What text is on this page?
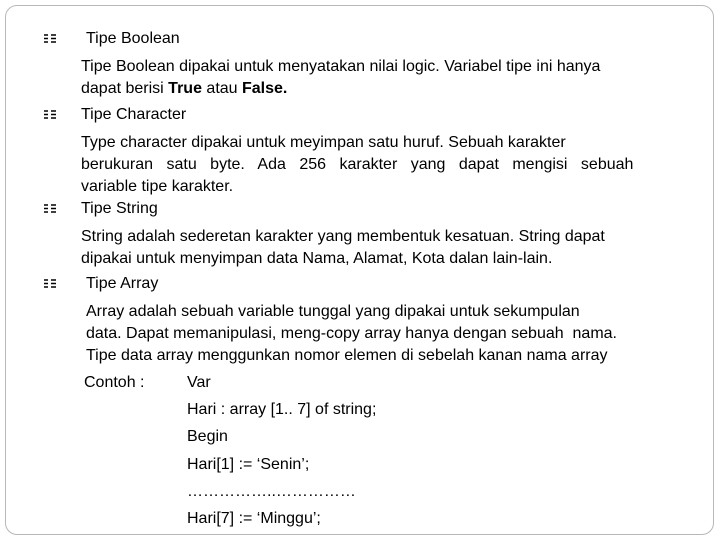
Tipe Boolean
Tipe Boolean dipakai untuk menyatakan nilai logic. Variabel tipe ini hanya
dapat berisi True atau False.
Tipe Character
Type character dipakai untuk meyimpan satu huruf. Sebuah karakter
berukuran satu byte. Ada 256 karakter yang dapat mengisi sebuah
variable tipe karakter.
Tipe String
String adalah sederetan karakter yang membentuk kesatuan. String dapat
dipakai untuk menyimpan data Nama, Alamat, Kota dalan lain-lain.
Tipe Array
Array adalah sebuah variable tunggal yang dipakai untuk sekumpulan
data. Dapat memanipulasi, meng-copy array hanya dengan sebuah  nama.
Tipe data array menggunkan nomor elemen di sebelah kanan nama array
Contoh :	Var
Hari : array [1.. 7] of string;
Begin
Hari[1] := ‘Senin’;
……………..……………
Hari[7] := ‘Minggu’;
